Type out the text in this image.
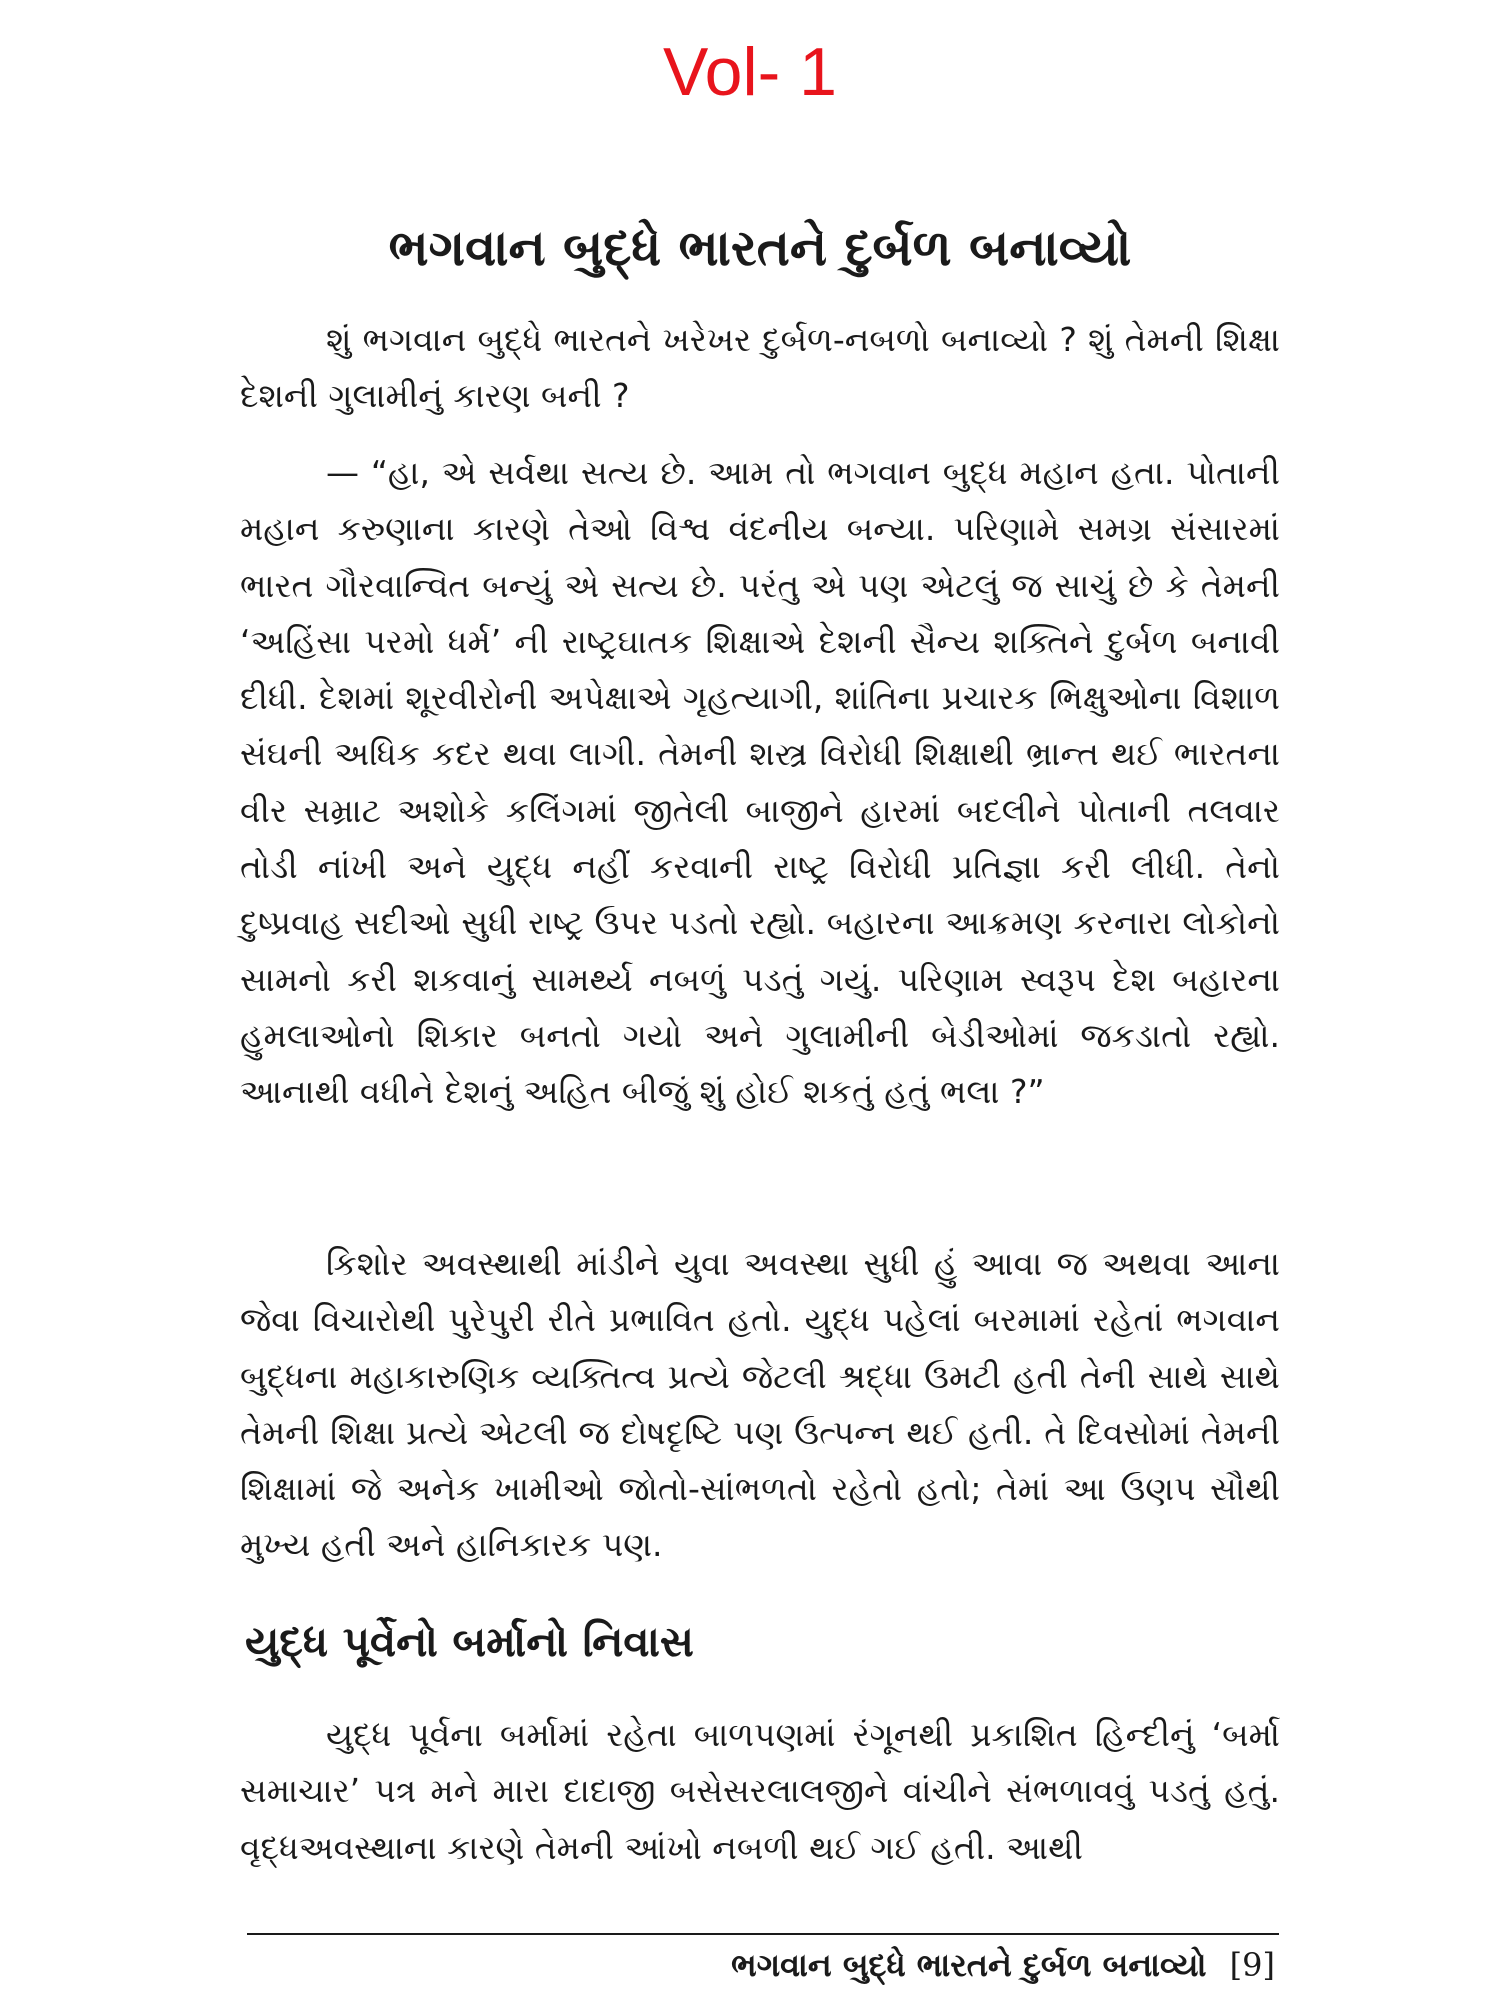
Vol- 1
ભગવાન બુદ્ધે ભારતને દુર્બળ બનાવ્યો

શું ભગવાન બુદ્ધે ભારતને ખરેખર દુર્બળ-નબળો બનાવ્યો ? શું તેમની શિક્ષા દેશની ગુલામીનું કારણ બની ?

— “હા, એ સર્વથા સત્ય છે. આમ તો ભગવાન બુદ્ધ મહાન હતા. પોતાની મહાન કરુણાના કારણે તેઓ વિશ્વ વંદનીય બન્યા. પરિણામે સમગ્ર સંસારમાં ભારત ગૌરવાન્વિત બન્યું એ સત્ય છે. પરંતુ એ પણ એટલું જ સાચું છે કે તેમની ‘અહિંસા પરમો ધર્મ’ ની રાષ્ટ્રઘાતક શિક્ષાએ દેશની સૈન્ય શક્તિને દુર્બળ બનાવી દીધી. દેશમાં શૂરવીરોની અપેક્ષાએ ગૃહત્યાગી, શાંતિના પ્રચારક ભિક્ષુઓના વિશાળ સંઘની અધિક કદર થવા લાગી. તેમની શસ્ત્ર વિરોધી શિક્ષાથી ભ્રાન્ત થઈ ભારતના વીર સમ્રાટ અશોકે કલિંગમાં જીતેલી બાજીને હારમાં બદલીને પોતાની તલવાર તોડી નાંખી અને યુદ્ધ નહીં કરવાની રાષ્ટ્ર વિરોધી પ્રતિજ્ઞા કરી લીધી. તેનો દુષ્પ્રવાહ સદીઓ સુધી રાષ્ટ્ર ઉપર પડતો રહ્યો. બહારના આક્રમણ કરનારા લોકોનો સામનો કરી શકવાનું સામર્થ્ય નબળું પડતું ગયું. પરિણામ સ્વરૂપ દેશ બહારના હુમલાઓનો શિકાર બનતો ગયો અને ગુલામીની બેડીઓમાં જકડાતો રહ્યો. આનાથી વધીને દેશનું અહિત બીજું શું હોઈ શકતું હતું ભલા ?”

કિશોર અવસ્થાથી માંડીને યુવા અવસ્થા સુધી હું આવા જ અથવા આના જેવા વિચારોથી પુરેપુરી રીતે પ્રભાવિત હતો. યુદ્ધ પહેલાં બરમામાં રહેતાં ભગવાન બુદ્ધના મહાકારુણિક વ્યક્તિત્વ પ્રત્યે જેટલી શ્રદ્ધા ઉમટી હતી તેની સાથે સાથે તેમની શિક્ષા પ્રત્યે એટલી જ દોષદૃષ્ટિ પણ ઉત્પન્ન થઈ હતી. તે દિવસોમાં તેમની શિક્ષામાં જે અનેક ખામીઓ જોતો-સાંભળતો રહેતો હતો; તેમાં આ ઉણપ સૌથી મુખ્ય હતી અને હાનિકારક પણ.

યુદ્ધ પૂર્વેનો બર્માનો નિવાસ

યુદ્ધ પૂર્વના બર્મામાં રહેતા બાળપણમાં રંગૂનથી પ્રકાશિત હિન્દીનું ‘બર્મા સમાચાર’ પત્ર મને મારા દાદાજી બસેસરલાલજીને વાંચીને સંભળાવવું પડતું હતું. વૃદ્ધઅવસ્થાના કારણે તેમની આંખો નબળી થઈ ગઈ હતી. આથી

ભગવાન બુદ્ધે ભારતને દુર્બળ બનાવ્યો [9]
